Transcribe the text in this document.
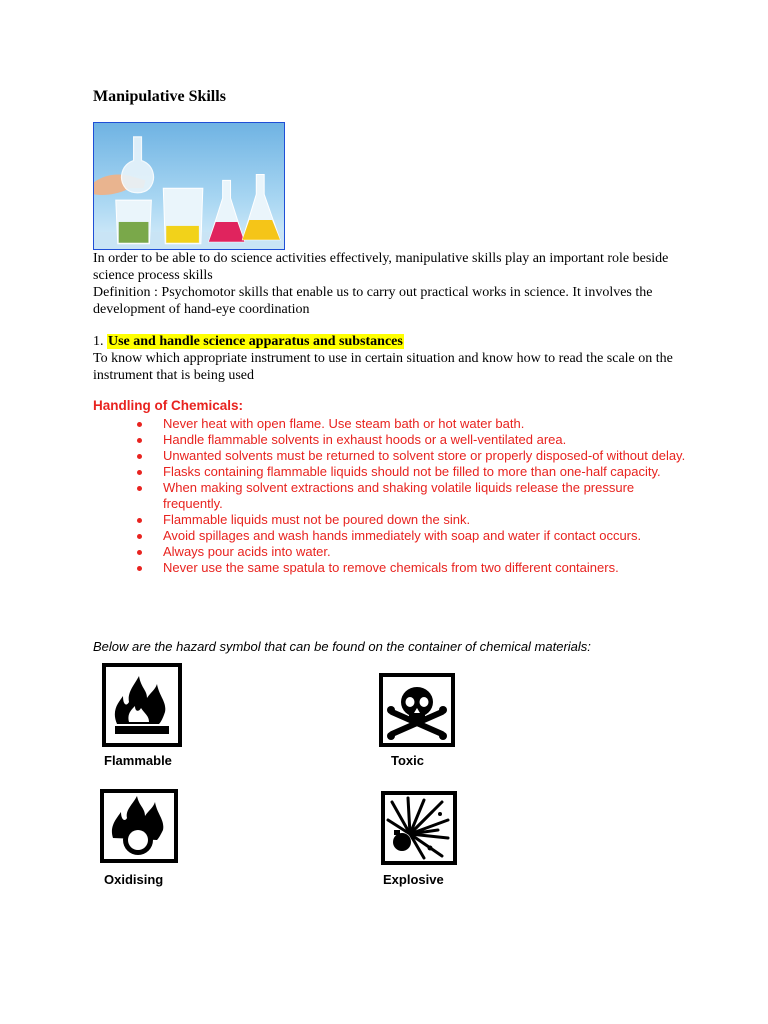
Manipulative Skills

In order to be able to do science activities effectively, manipulative skills play an important role beside science process skills

Definition : Psychomotor skills that enable us to carry out practical works in science. It involves the development of hand-eye coordination

1. Use and handle science apparatus and substances

To know which appropriate instrument to use in certain situation and know how to read the scale on the instrument that is being used

Handling of Chemicals:

Never heat with open flame. Use steam bath or hot water bath.
Handle flammable solvents in exhaust hoods or a well-ventilated area.
Unwanted solvents must be returned to solvent store or properly disposed-of without delay.
Flasks containing flammable liquids should not be filled to more than one-half capacity.
When making solvent extractions and shaking volatile liquids release the pressure frequently.
Flammable liquids must not be poured down the sink.
Avoid spillages and wash hands immediately with soap and water if contact occurs.
Always pour acids into water.
Never use the same spatula to remove chemicals from two different containers.

Below are the hazard symbol that can be found on the container of chemical materials:

Flammable	Toxic

Oxidising	Explosive
